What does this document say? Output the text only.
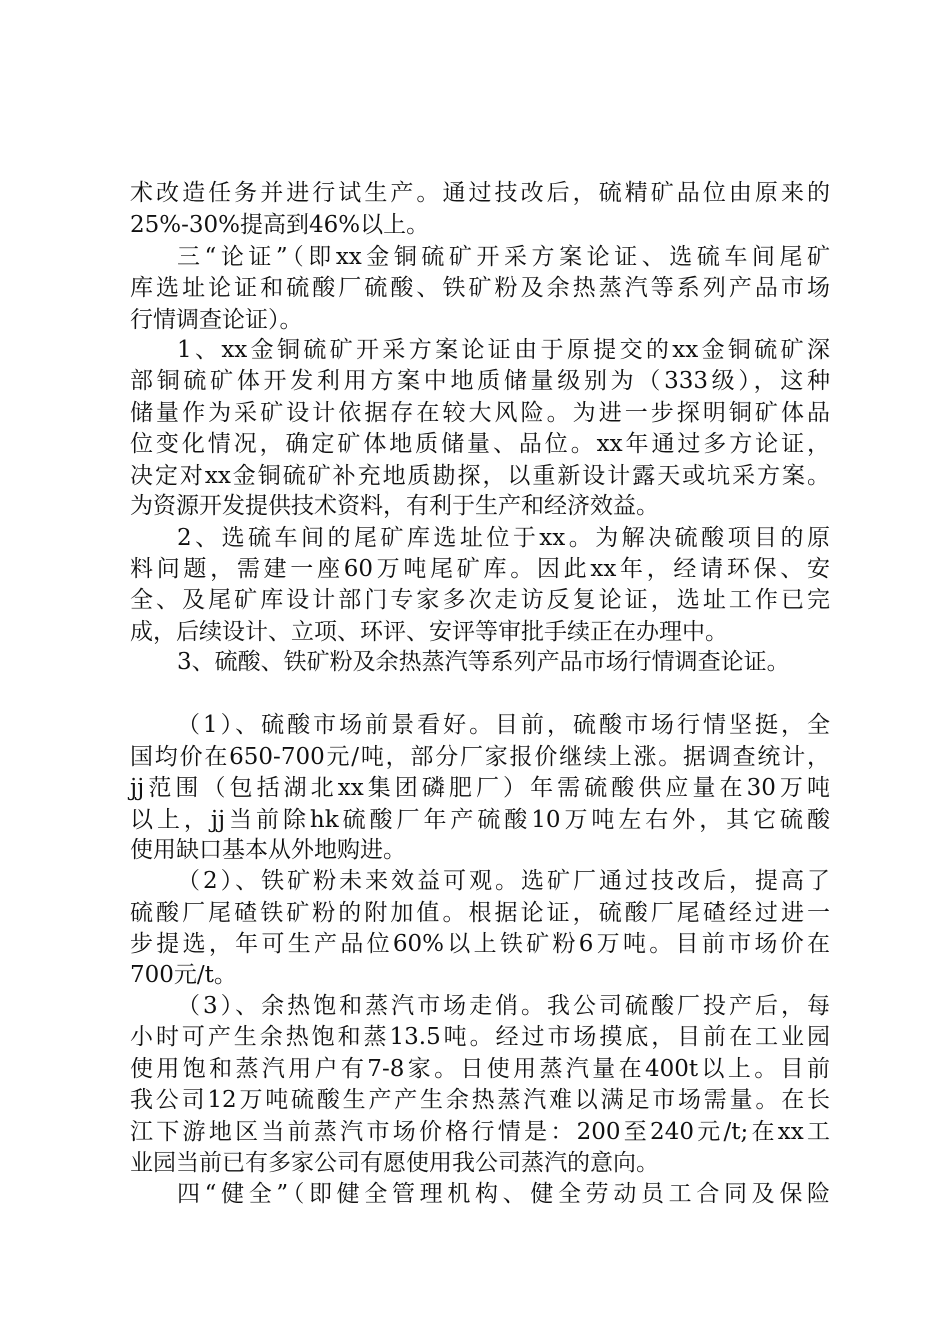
术改造任务并进行试生产。通过技改后，硫精矿品位由原来的
25%-30%提高到46%以上。
三“论证”（即xx金铜硫矿开采方案论证、选硫车间尾矿
库选址论证和硫酸厂硫酸、铁矿粉及余热蒸汽等系列产品市场
行情调查论证）。
1、xx金铜硫矿开采方案论证由于原提交的xx金铜硫矿深
部铜硫矿体开发利用方案中地质储量级别为（333级），这种
储量作为采矿设计依据存在较大风险。为进一步探明铜矿体品
位变化情况，确定矿体地质储量、品位。xx年通过多方论证，
决定对xx金铜硫矿补充地质勘探，以重新设计露天或坑采方案。
为资源开发提供技术资料，有利于生产和经济效益。
2、选硫车间的尾矿库选址位于xx。为解决硫酸项目的原
料问题，需建一座60万吨尾矿库。因此xx年，经请环保、安
全、及尾矿库设计部门专家多次走访反复论证，选址工作已完
成，后续设计、立项、环评、安评等审批手续正在办理中。
3、硫酸、铁矿粉及余热蒸汽等系列产品市场行情调查论证。
（1）、硫酸市场前景看好。目前，硫酸市场行情坚挺，全
国均价在650-700元/吨，部分厂家报价继续上涨。据调查统计，
jj范围（包括湖北xx集团磷肥厂）年需硫酸供应量在30万吨
以上，jj当前除hk硫酸厂年产硫酸10万吨左右外，其它硫酸
使用缺口基本从外地购进。
（2）、铁矿粉未来效益可观。选矿厂通过技改后，提高了
硫酸厂尾碴铁矿粉的附加值。根据论证，硫酸厂尾碴经过进一
步提选，年可生产品位60%以上铁矿粉6万吨。目前市场价在
700元/t。
（3）、余热饱和蒸汽市场走俏。我公司硫酸厂投产后，每
小时可产生余热饱和蒸13.5吨。经过市场摸底，目前在工业园
使用饱和蒸汽用户有7-8家。日使用蒸汽量在400t以上。目前
我公司12万吨硫酸生产产生余热蒸汽难以满足市场需量。在长
江下游地区当前蒸汽市场价格行情是：200至240元/t;在xx工
业园当前已有多家公司有愿使用我公司蒸汽的意向。
四“健全”（即健全管理机构、健全劳动员工合同及保险
